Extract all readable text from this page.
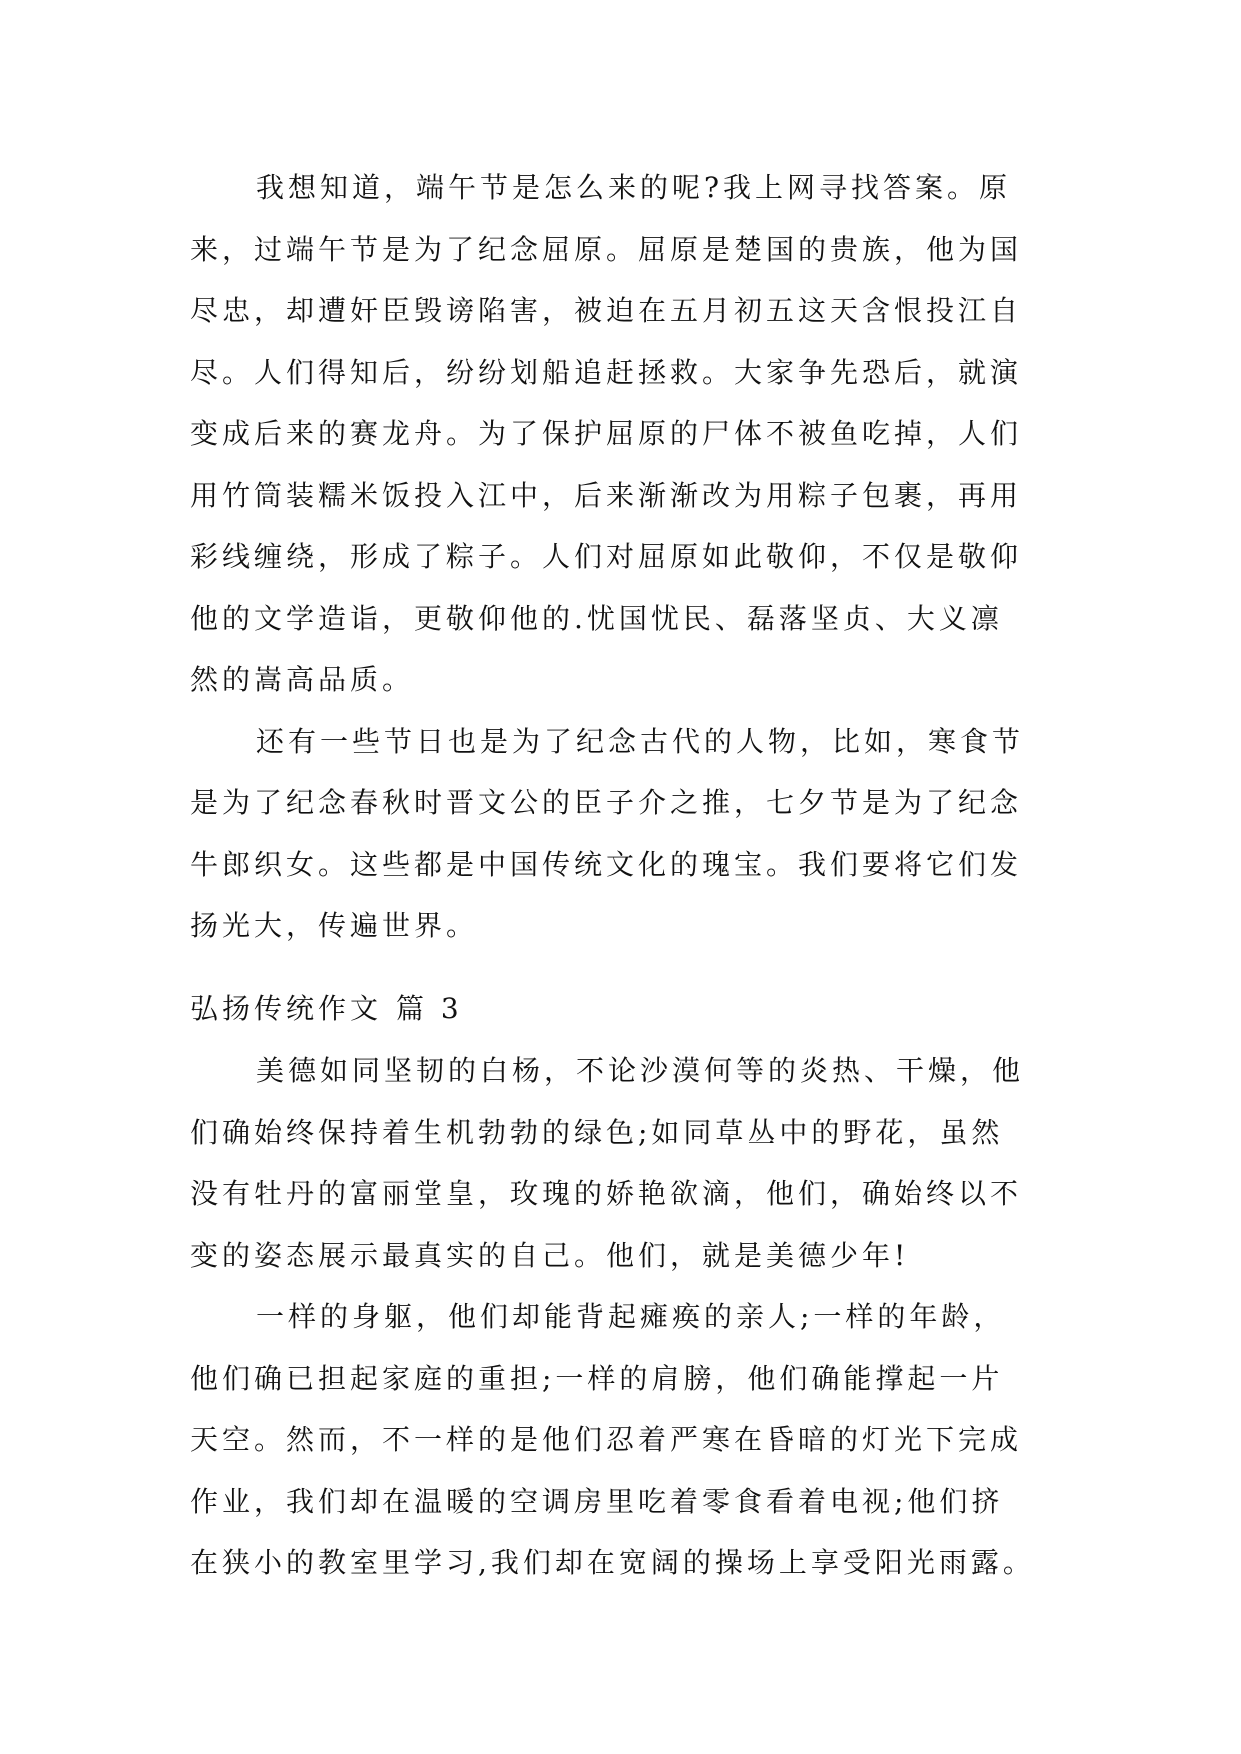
我想知道，端午节是怎么来的呢?我上网寻找答案。原

来，过端午节是为了纪念屈原。屈原是楚国的贵族，他为国

尽忠，却遭奸臣毁谤陷害，被迫在五月初五这天含恨投江自

尽。人们得知后，纷纷划船追赶拯救。大家争先恐后，就演

变成后来的赛龙舟。为了保护屈原的尸体不被鱼吃掉，人们

用竹筒装糯米饭投入江中，后来渐渐改为用粽子包裹，再用

彩线缠绕，形成了粽子。人们对屈原如此敬仰，不仅是敬仰

他的文学造诣，更敬仰他的.忧国忧民、磊落坚贞、大义凛

然的嵩高品质。

还有一些节日也是为了纪念古代的人物，比如，寒食节

是为了纪念春秋时晋文公的臣子介之推，七夕节是为了纪念

牛郎织女。这些都是中国传统文化的瑰宝。我们要将它们发

扬光大，传遍世界。

弘扬传统作文 篇 3

美德如同坚韧的白杨，不论沙漠何等的炎热、干燥，他

们确始终保持着生机勃勃的绿色;如同草丛中的野花，虽然

没有牡丹的富丽堂皇，玫瑰的娇艳欲滴，他们，确始终以不

变的姿态展示最真实的自己。他们，就是美德少年!

一样的身躯，他们却能背起瘫痪的亲人;一样的年龄，

他们确已担起家庭的重担;一样的肩膀，他们确能撑起一片

天空。然而，不一样的是他们忍着严寒在昏暗的灯光下完成

作业，我们却在温暖的空调房里吃着零食看着电视;他们挤

在狭小的教室里学习,我们却在宽阔的操场上享受阳光雨露。
